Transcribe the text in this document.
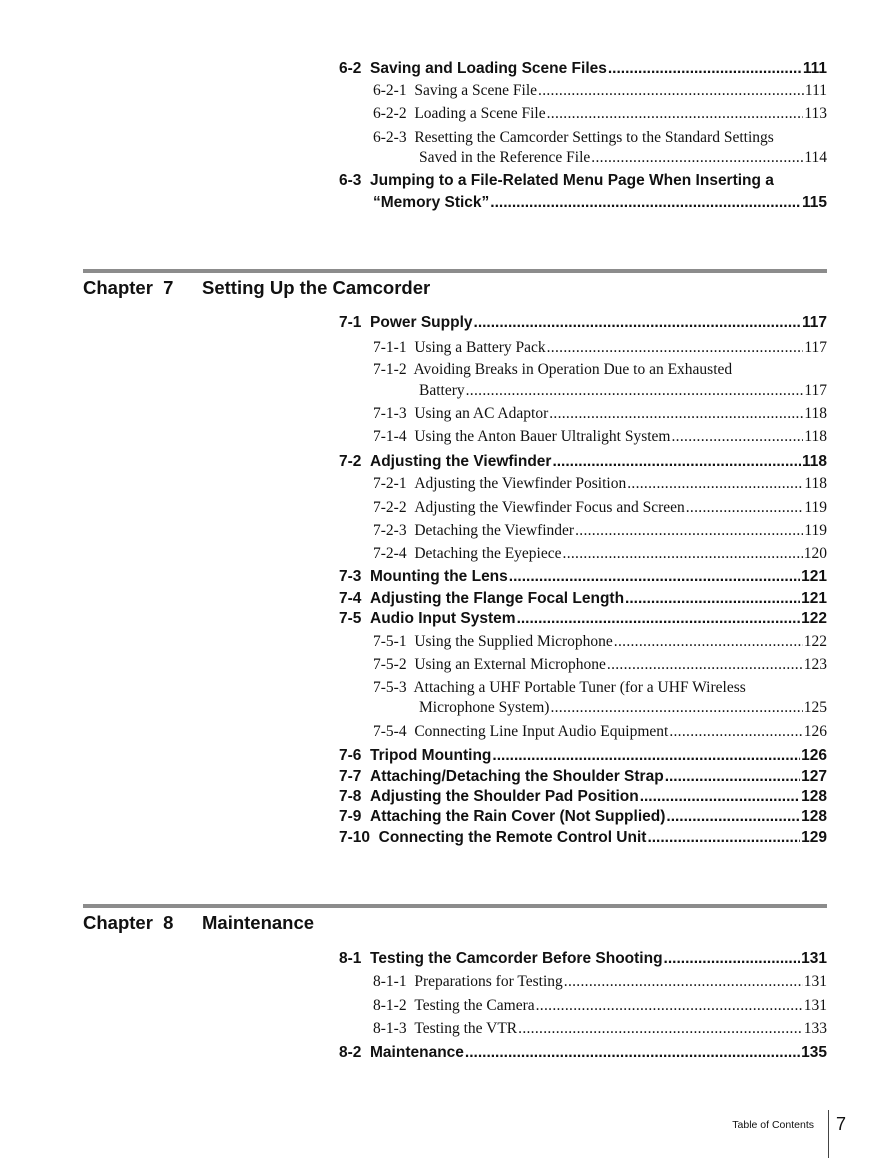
6-2 Saving and Loading Scene Files .....	111
6-2-1 Saving a Scene File .....	111
6-2-2 Loading a Scene File .....	113
6-2-3  Resetting the Camcorder Settings to the Standard Settings
Saved in the Reference File .....	114
6-3  Jumping to a File-Related Menu Page When Inserting a
“Memory Stick” .....	115
Chapter  7 Setting Up the Camcorder
7-1 Power Supply .....	117
7-1-1 Using a Battery Pack .....	117
7-1-2  Avoiding Breaks in Operation Due to an Exhausted
Battery .....	117
7-1-3 Using an AC Adaptor .....	118
7-1-4 Using the Anton Bauer Ultralight System .....	118
7-2 Adjusting the Viewfinder .....	118
7-2-1 Adjusting the Viewfinder Position .....	118
7-2-2 Adjusting the Viewfinder Focus and Screen .....	119
7-2-3 Detaching the Viewfinder .....	119
7-2-4 Detaching the Eyepiece .....	120
7-3 Mounting the Lens .....	121
7-4 Adjusting the Flange Focal Length .....	121
7-5 Audio Input System .....	122
7-5-1 Using the Supplied Microphone .....	122
7-5-2 Using an External Microphone .....	123
7-5-3  Attaching a UHF Portable Tuner (for a UHF Wireless
Microphone System) .....	125
7-5-4 Connecting Line Input Audio Equipment .....	126
7-6 Tripod Mounting .....	126
7-7 Attaching/Detaching the Shoulder Strap .....	127
7-8 Adjusting the Shoulder Pad Position .....	128
7-9 Attaching the Rain Cover (Not Supplied) .....	128
7-10 Connecting the Remote Control Unit .....	129
Chapter  8 Maintenance
8-1 Testing the Camcorder Before Shooting .....	131
8-1-1 Preparations for Testing .....	131
8-1-2 Testing the Camera .....	131
8-1-3 Testing the VTR .....	133
8-2 Maintenance .....	135
Table of Contents 7
